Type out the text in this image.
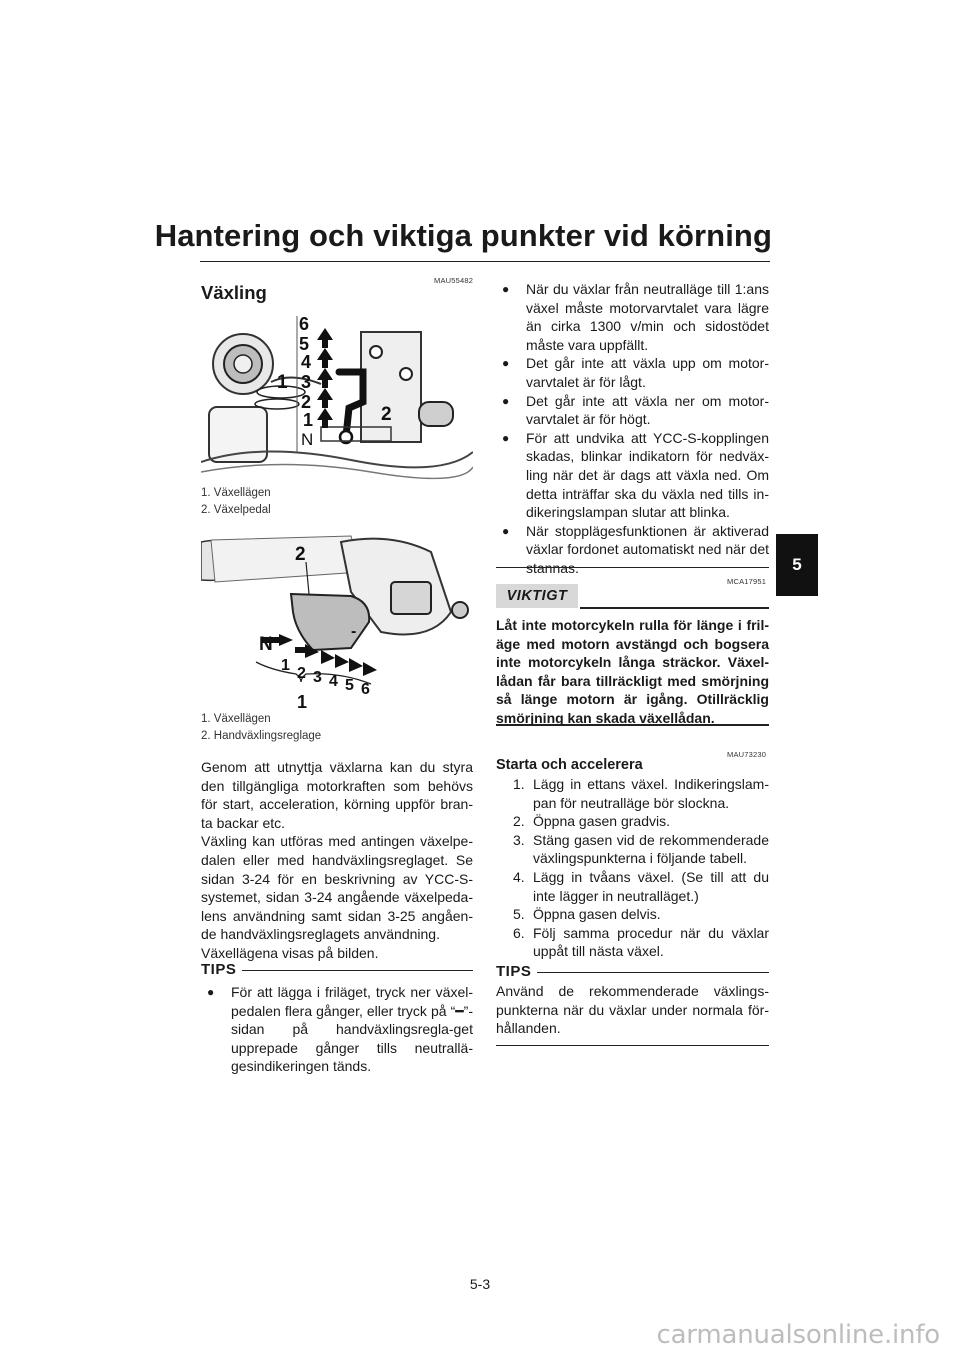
Hantering och viktiga punkter vid körning
5
MAU55482
Växling
6
5
4
3
2
1
N
1
2
1. Växellägen
2. Växelpedal
2
N
1 2 3 4 5 6
1
-
1. Växellägen
2. Handväxlingsreglage

Genom att utnyttja växlarna kan du styra den tillgängliga motorkraften som behövs för start, acceleration, körning uppför bran-ta backar etc.

Växling kan utföras med antingen växelpe-dalen eller med handväxlingsreglaget. Se sidan 3-24 för en beskrivning av YCC-S-systemet, sidan 3-24 angående växelpeda-lens användning samt sidan 3-25 angåen-de handväxlingsreglagets användning.

Växellägena visas på bilden.

TIPS
● För att lägga i friläget, tryck ner växel-pedalen flera gånger, eller tryck på “━”-sidan på handväxlingsregla-get upprepade gånger tills neutrallä-gesindikeringen tänds.
● När du växlar från neutralläge till 1:ans växel måste motorvarvtalet vara lägre än cirka 1300 v/min och sidostödet måste vara uppfällt.
● Det går inte att växla upp om motor-varvtalet är för lågt.
● Det går inte att växla ner om motor-varvtalet är för högt.
● För att undvika att YCC-S-kopplingen skadas, blinkar indikatorn för nedväx-ling när det är dags att växla ned. Om detta inträffar ska du växla ned tills in-dikeringslampan slutar att blinka.
● När stopplägesfunktionen är aktiverad växlar fordonet automatiskt ned när det stannas.
MCA17951
VIKTIGT
Låt inte motorcykeln rulla för länge i fril-äge med motorn avstängd och bogsera inte motorcykeln långa sträckor. Växel-lådan får bara tillräckligt med smörjning så länge motorn är igång. Otillräcklig smörjning kan skada växellådan.
MAU73230
Starta och accelerera
1. Lägg in ettans växel. Indikeringslam-pan för neutralläge bör slockna.
2. Öppna gasen gradvis.
3. Stäng gasen vid de rekommenderade växlingspunkterna i följande tabell.
4. Lägg in tvåans växel. (Se till att du inte lägger in neutralläget.)
5. Öppna gasen delvis.
6. Följ samma procedur när du växlar uppåt till nästa växel.
TIPS
Använd de rekommenderade växlings-punkterna när du växlar under normala för-hållanden.
5-3
carmanualsonline.info
